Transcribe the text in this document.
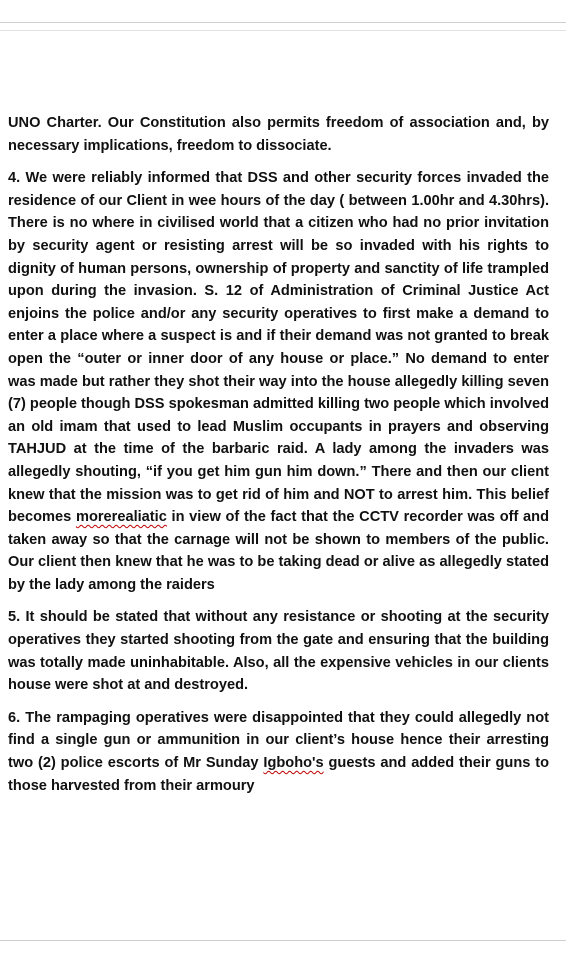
UNO Charter. Our Constitution also permits freedom of association and, by necessary implications, freedom to dissociate.

4. We were reliably informed that DSS and other security forces invaded the residence of our Client in wee hours of the day ( between 1.00hr and 4.30hrs). There is no where in civilised world that a citizen who had no prior invitation by security agent or resisting arrest will be so invaded with his rights to dignity of human persons, ownership of property and sanctity of life trampled upon during the invasion. S. 12 of Administration of Criminal Justice Act enjoins the police and/or any security operatives to first make a demand to enter a place where a suspect is and if their demand was not granted to break open the “outer or inner door of any house or place.” No demand to enter was made but rather they shot their way into the house allegedly killing seven (7) people though DSS spokesman admitted killing two people which involved an old imam that used to lead Muslim occupants in prayers and observing TAHJUD at the time of the barbaric raid. A lady among the invaders was allegedly shouting, “if you get him gun him down.” There and then our client knew that the mission was to get rid of him and NOT to arrest him. This belief becomes morerealiatic in view of the fact that the CCTV recorder was off and taken away so that the carnage will not be shown to members of the public. Our client then knew that he was to be taking dead or alive as allegedly stated by the lady among the raiders

5. It should be stated that without any resistance or shooting at the security operatives they started shooting from the gate and ensuring that the building was totally made uninhabitable. Also, all the expensive vehicles in our clients house were shot at and destroyed.

6. The rampaging operatives were disappointed that they could allegedly not find a single gun or ammunition in our client’s house hence their arresting two (2) police escorts of Mr Sunday Igboho's guests and added their guns to those harvested from their armoury
